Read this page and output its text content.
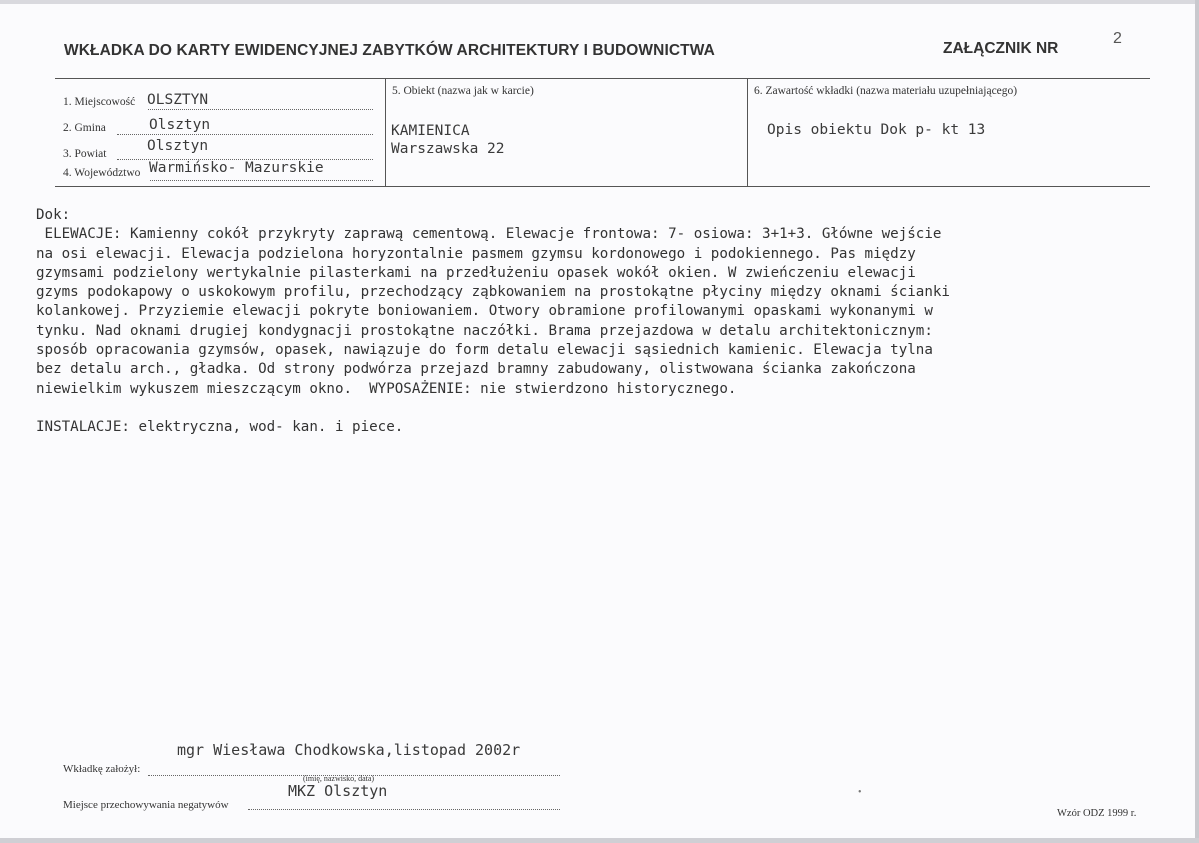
2
WKŁADKA DO KARTY EWIDENCYJNEJ ZABYTKÓW ARCHITEKTURY I BUDOWNICTWA	ZAŁĄCZNIK NR
1. Miejscowość OLSZTYN
2. Gmina	Olsztyn
3. Powiat	Olsztyn
4. Województwo Warmińsko- Mazurskie
5. Obiekt (nazwa jak w karcie)
KAMIENICA
Warszawska 22
6. Zawartość wkładki (nazwa materiału uzupełniającego)
Opis obiektu Dok p- kt 13
Dok:
ELEWACJE: Kamienny cokół przykryty zaprawą cementową. Elewacje frontowa: 7- osiowa: 3+1+3. Główne wejście
na osi elewacji. Elewacja podzielona horyzontalnie pasmem gzymsu kordonowego i podokiennego. Pas między
gzymsami podzielony wertykalnie pilasterkami na przedłużeniu opasek wokół okien. W zwieńczeniu elewacji
gzyms podokapowy o uskokowym profilu, przechodzący ząbkowaniem na prostokątne płyciny między oknami ścianki
kolankowej. Przyziemie elewacji pokryte boniowaniem. Otwory obramione profilowanymi opaskami wykonanymi w
tynku. Nad oknami drugiej kondygnacji prostokątne naczółki. Brama przejazdowa w detalu architektonicznym:
sposób opracowania gzymsów, opasek, nawiązuje do form detalu elewacji sąsiednich kamienic. Elewacja tylna
bez detalu arch., gładka. Od strony podwórza przejazd bramny zabudowany, olistwowana ścianka zakończona
niewielkim wykuszem mieszczącym okno.  WYPOSAŻENIE: nie stwierdzono historycznego.
INSTALACJE: elektryczna, wod- kan. i piece.
mgr Wiesława Chodkowska,listopad 2002r
Wkładkę założył:
(imię, nazwisko, data)
MKZ Olsztyn
Miejsce przechowywania negatywów
•
Wzór ODZ 1999 r.
